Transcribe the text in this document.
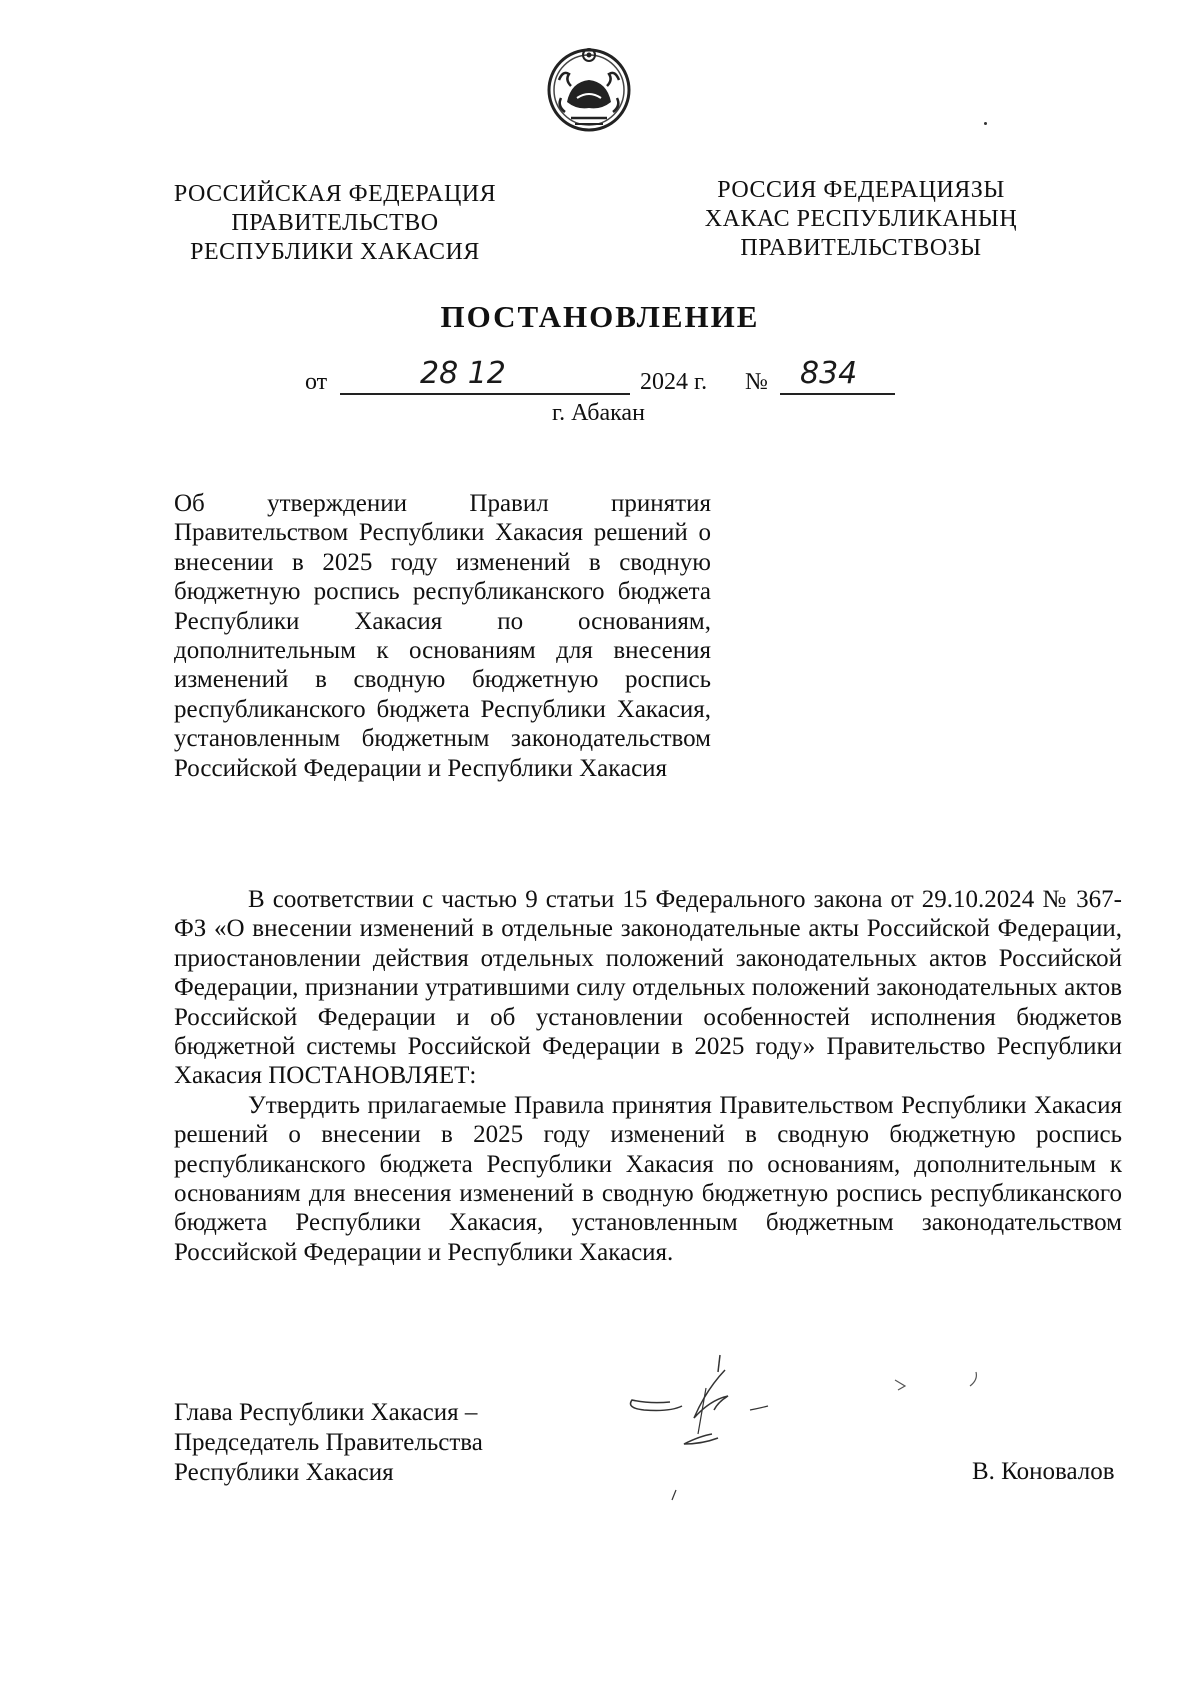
РОССИЙСКАЯ ФЕДЕРАЦИЯ
ПРАВИТЕЛЬСТВО
РЕСПУБЛИКИ ХАКАСИЯ
РОССИЯ ФЕДЕРАЦИЯЗЫ
ХАКАС РЕСПУБЛИКАНЫҢ
ПРАВИТЕЛЬСТВОЗЫ
ПОСТАНОВЛЕНИЕ
от	28 12	2024 г. № 834
г. Абакан
Об утверждении Правил принятия Правительством Республики Хакасия решений о внесении в 2025 году изменений в сводную бюджетную роспись республиканского бюджета Республики Хакасия по основаниям, дополнительным к основаниям для внесения изменений в сводную бюджетную роспись республиканского бюджета Республики Хакасия, установленным бюджетным законодательством Российской Федерации и Республики Хакасия

В соответствии с частью 9 статьи 15 Федерального закона от 29.10.2024 № 367-ФЗ «О внесении изменений в отдельные законодательные акты Российской Федерации, приостановлении действия отдельных положений законодательных актов Российской Федерации, признании утратившими силу отдельных положений законодательных актов Российской Федерации и об установлении особенностей исполнения бюджетов бюджетной системы Российской Федерации в 2025 году» Правительство Республики Хакасия ПОСТАНОВЛЯЕТ:

Утвердить прилагаемые Правила принятия Правительством Республики Хакасия решений о внесении в 2025 году изменений в сводную бюджетную роспись республиканского бюджета Республики Хакасия по основаниям, дополнительным к основаниям для внесения изменений в сводную бюджетную роспись республиканского бюджета Республики Хакасия, установленным бюджетным законодательством Российской Федерации и Республики Хакасия.

Глава Республики Хакасия –
Председатель Правительства
Республики Хакасия	В. Коновалов
